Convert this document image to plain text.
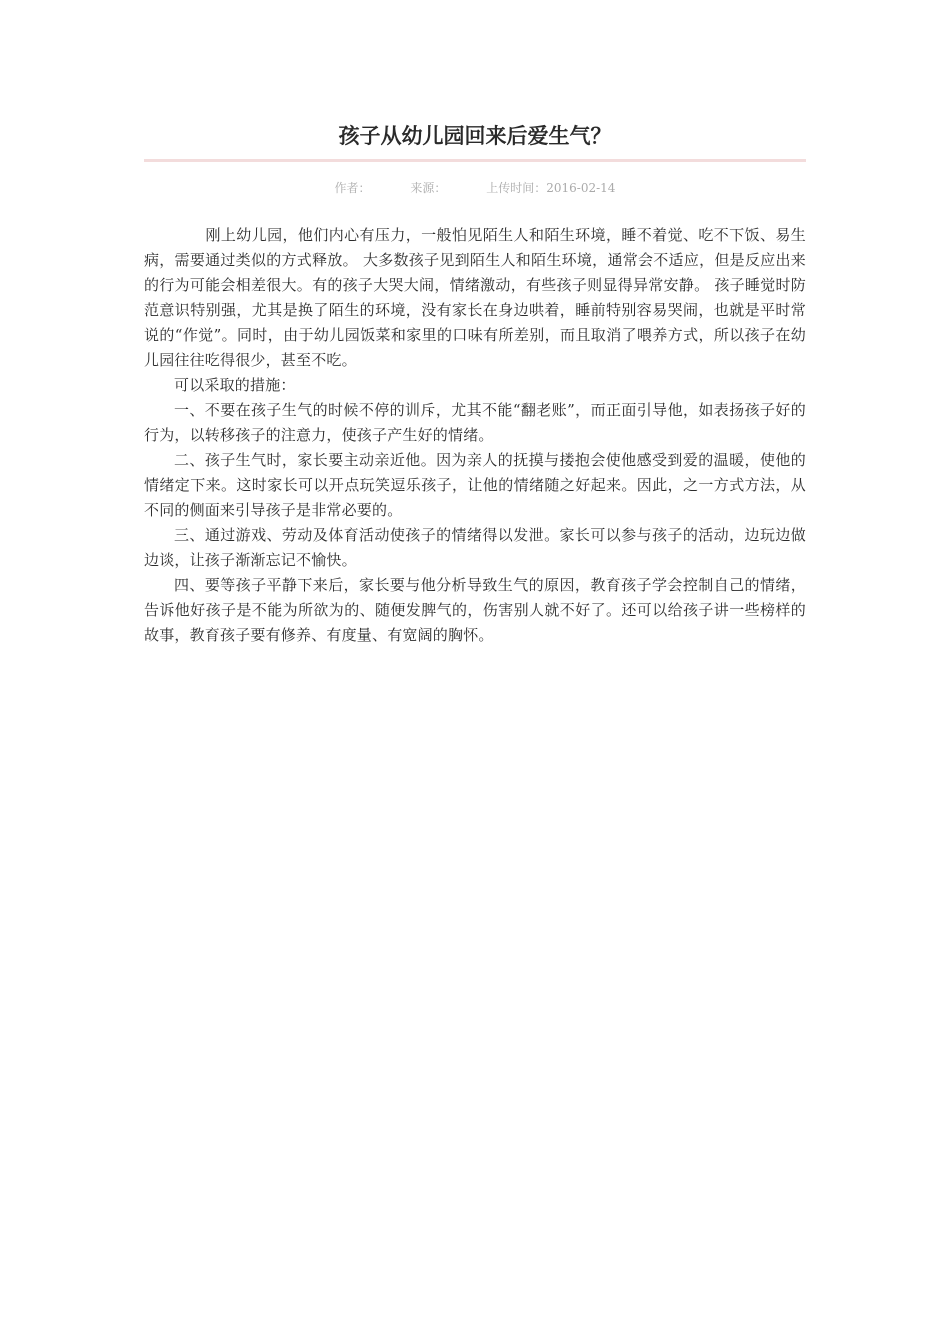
孩子从幼儿园回来后爱生气？
作者：	来源：	上传时间：2016-02-14

刚上幼儿园，他们内心有压力，一般怕见陌生人和陌生环境，睡不着觉、吃不下饭、易生病，需要通过类似的方式释放。 大多数孩子见到陌生人和陌生环境，通常会不适应，但是反应出来的行为可能会相差很大。有的孩子大哭大闹，情绪激动，有些孩子则显得异常安静。 孩子睡觉时防范意识特别强，尤其是换了陌生的环境，没有家长在身边哄着，睡前特别容易哭闹，也就是平时常说的“作觉”。同时，由于幼儿园饭菜和家里的口味有所差别，而且取消了喂养方式，所以孩子在幼儿园往往吃得很少，甚至不吃。

可以采取的措施：

一、不要在孩子生气的时候不停的训斥，尤其不能“翻老账”，而正面引导他，如表扬孩子好的行为，以转移孩子的注意力，使孩子产生好的情绪。

二、孩子生气时，家长要主动亲近他。因为亲人的抚摸与搂抱会使他感受到爱的温暖，使他的情绪定下来。这时家长可以开点玩笑逗乐孩子，让他的情绪随之好起来。因此，之一方式方法，从不同的侧面来引导孩子是非常必要的。

三、通过游戏、劳动及体育活动使孩子的情绪得以发泄。家长可以参与孩子的活动，边玩边做边谈，让孩子渐渐忘记不愉快。

四、要等孩子平静下来后，家长要与他分析导致生气的原因，教育孩子学会控制自己的情绪，告诉他好孩子是不能为所欲为的、随便发脾气的，伤害别人就不好了。还可以给孩子讲一些榜样的故事，教育孩子要有修养、有度量、有宽阔的胸怀。
